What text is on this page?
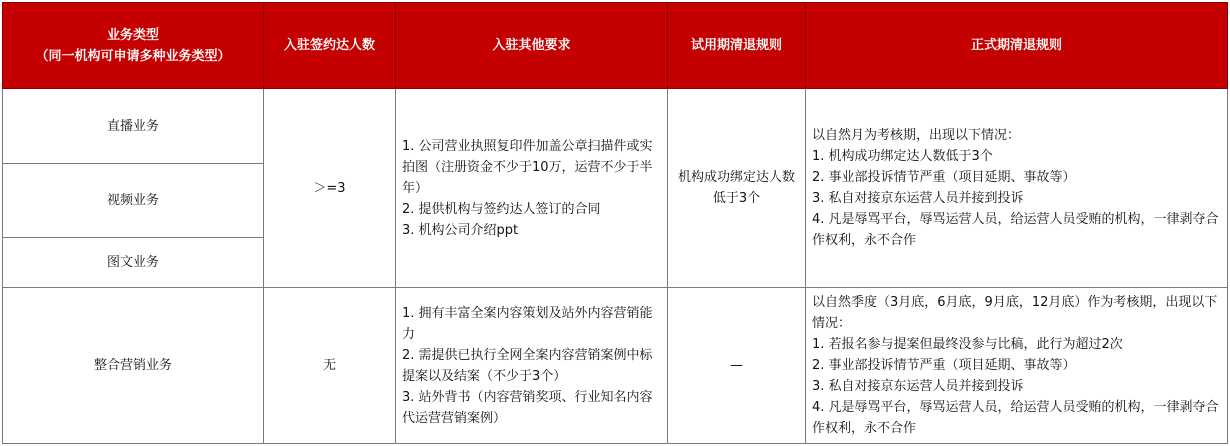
业务类型
（同一机构可申请多种业务类型）	入驻签约达人数	入驻其他要求	试用期清退规则	正式期清退规则
直播业务	＞=3	1. 公司营业执照复印件加盖公章扫描件或实拍图（注册资金不少于10万，运营不少于半年）
2. 提供机构与签约达人签订的合同
3. 机构公司介绍ppt	机构成功绑定达人数低于3个	以自然月为考核期，出现以下情况：
1. 机构成功绑定达人数低于3个
2. 事业部投诉情节严重（项目延期、事故等）
3. 私自对接京东运营人员并接到投诉
4. 凡是辱骂平台，辱骂运营人员，给运营人员受贿的机构，一律剥夺合作权利，永不合作

视频业务				
图文业务				
整合营销业务	无	1. 拥有丰富全案内容策划及站外内容营销能力
2. 需提供已执行全网全案内容营销案例中标提案以及结案（不少于3个）
3. 站外背书（内容营销奖项、行业知名内容代运营营销案例）	—	以自然季度（3月底，6月底，9月底，12月底）作为考核期，出现以下情况：
1. 若报名参与提案但最终没参与比稿，此行为超过2次
2. 事业部投诉情节严重（项目延期、事故等）
3. 私自对接京东运营人员并接到投诉
4. 凡是辱骂平台，辱骂运营人员，给运营人员受贿的机构，一律剥夺合作权利，永不合作
